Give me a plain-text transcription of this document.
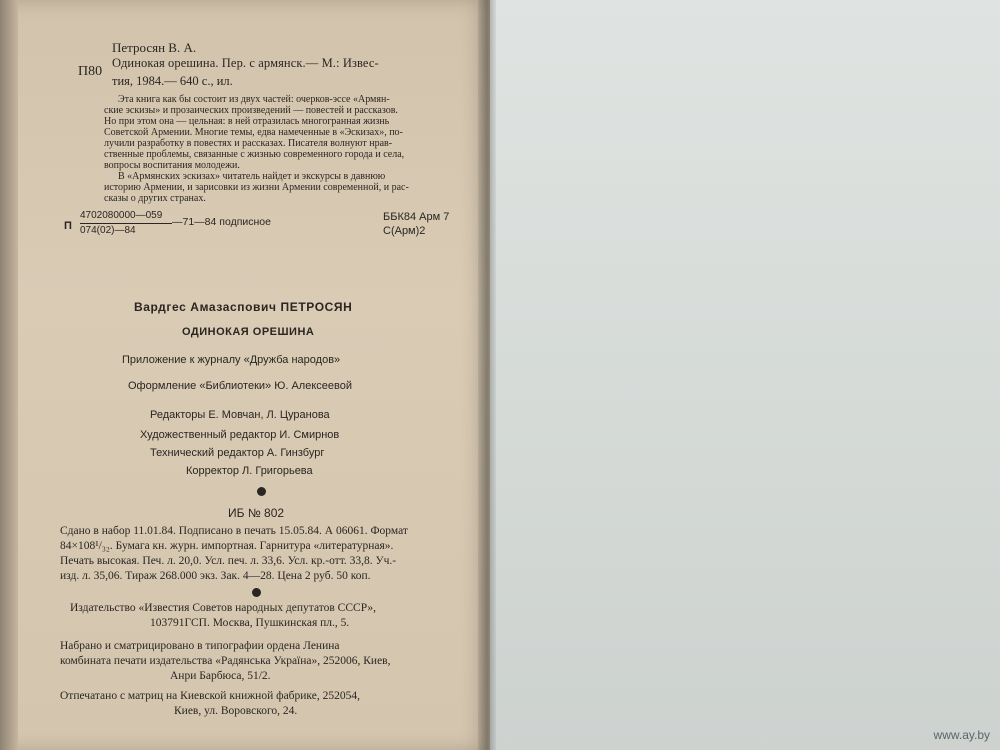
П80
Петросян В. А.
Одинокая орешина. Пер. с армянск.— М.: Извес-
тия, 1984.— 640 с., ил.
Эта книга как бы состоит из двух частей: очерков-эссе «Армян-
ские эскизы» и прозаических произведений — повестей и рассказов.
Но при этом она — цельная: в ней отразилась многогранная жизнь
Советской Армении. Многие темы, едва намеченные в «Эскизах», по-
лучили разработку в повестях и рассказах. Писателя волнуют нрав-
ственные проблемы, связанные с жизнью современного города и села,
вопросы воспитания молодежи.
В «Армянских эскизах» читатель найдет и экскурсы в давнюю
историю Армении, и зарисовки из жизни Армении современной, и рас-
сказы о других странах.
П
4702080000—059
074(02)—84
—71—84 подписное	ББК84 Арм 7
С(Арм)2
Вардгес Амазаспович ПЕТРОСЯН
ОДИНОКАЯ ОРЕШИНА
Приложение к журналу «Дружба народов»
Оформление «Библиотеки» Ю. Алексеевой
Редакторы Е. Мовчан, Л. Цуранова
Художественный редактор И. Смирнов
Технический редактор А. Гинзбург
Корректор Л. Григорьева
ИБ № 802
Сдано в набор 11.01.84. Подписано в печать 15.05.84. А 06061. Формат
84×108¹/₃₂. Бумага кн. журн. импортная. Гарнитура «литературная».
Печать высокая. Печ. л. 20,0. Усл. печ. л. 33,6. Усл. кр.-отт. 33,8. Уч.-
изд. л. 35,06. Тираж 268.000 экз. Зак. 4—28. Цена 2 руб. 50 коп.
Издательство «Известия Советов народных депутатов СССР»,
103791ГСП. Москва, Пушкинская пл., 5.
Набрано и сматрицировано в типографии ордена Ленина
комбината печати издательства «Радянська Україна», 252006, Киев,
Анри Барбюса, 51/2.
Отпечатано с матриц на Киевской книжной фабрике, 252054,
Киев, ул. Воровского, 24.
www.ay.by
